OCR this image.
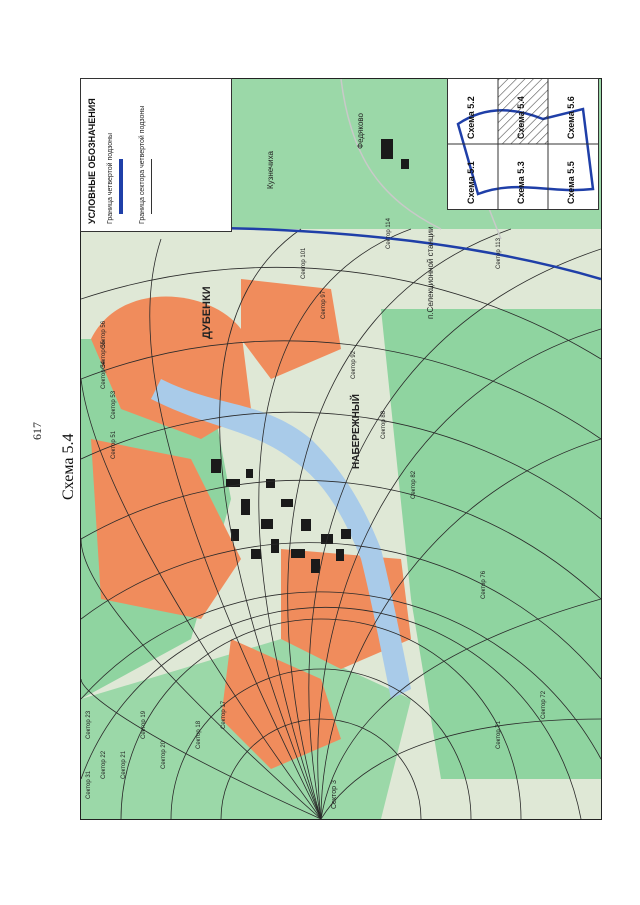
617
Схема 5.4
ДУБЕНКИ
НАБЕРЕЖНЫЙ
Сектор 3
п.Селекционной станции
Кузнечиха
Федяково
Сектор 114
Сектор 113
Сектор 101
Сектор 97
Сектор 92
Сектор 88
Сектор 82
Сектор 76
Сектор 72
Сектор 71
Сектор 31
Сектор 23
Сектор 22 Сектор 21	Сектор 20
Сектор 18
Сектор 19	Сектор 17
Сектор 51
Сектор 53
Сектор 54
Сектор 55
Сектор 56
УСЛОВНЫЕ ОБОЗНАЧЕНИЯ Граница четвертой подзоны	Граница сектора четвертой подзоны	Схема 5.1
Схема 5.2
Схема 5.3
Схема 5.4
Схема 5.5
Схема 5.6
